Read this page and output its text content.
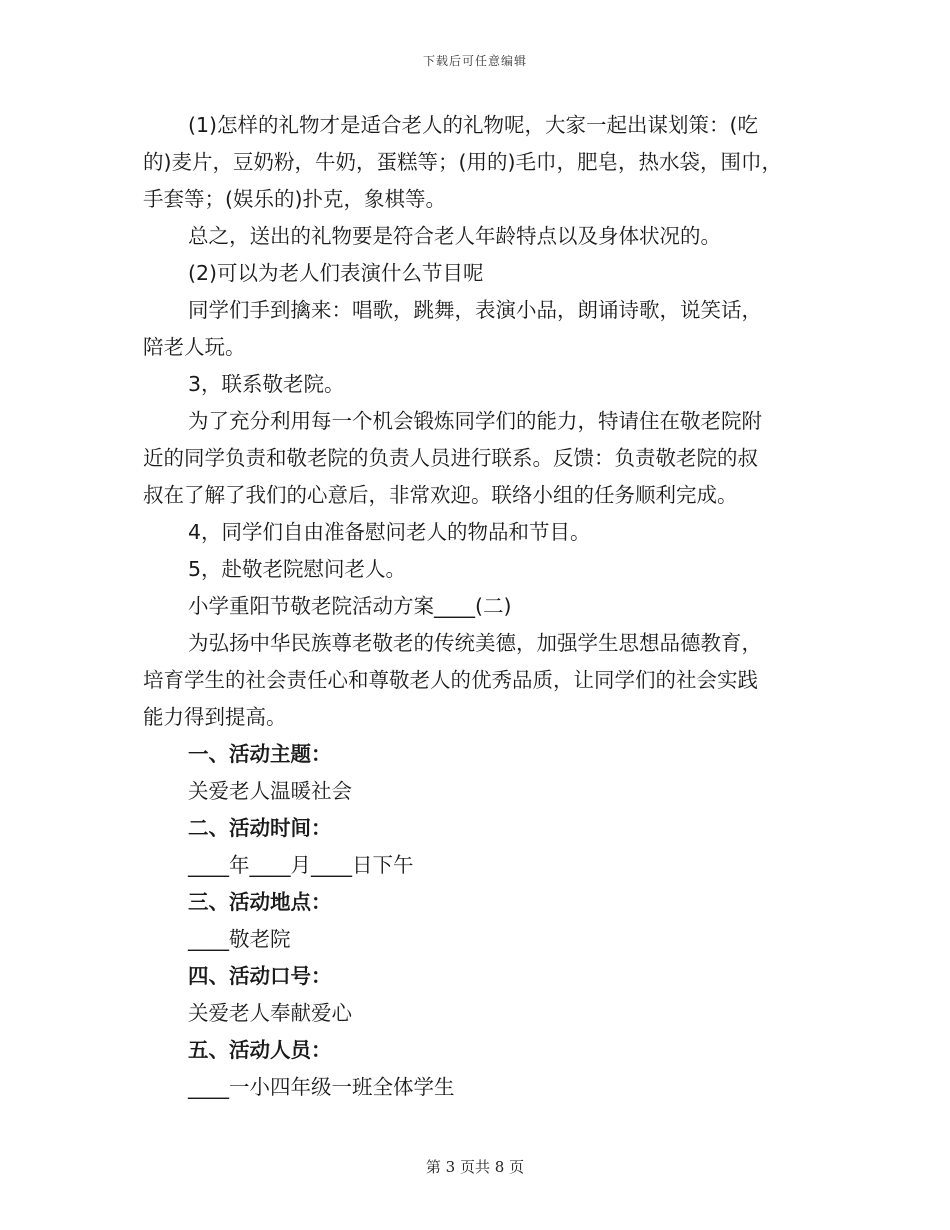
下载后可任意编辑

(1)怎样的礼物才是适合老人的礼物呢，大家一起出谋划策：(吃

的)麦片，豆奶粉，牛奶，蛋糕等；(用的)毛巾，肥皂，热水袋，围巾，

手套等；(娱乐的)扑克，象棋等。

总之，送出的礼物要是符合老人年龄特点以及身体状况的。

(2)可以为老人们表演什么节目呢

同学们手到擒来：唱歌，跳舞，表演小品，朗诵诗歌，说笑话，

陪老人玩。

3，联系敬老院。

为了充分利用每一个机会锻炼同学们的能力，特请住在敬老院附

近的同学负责和敬老院的负责人员进行联系。反馈：负责敬老院的叔

叔在了解了我们的心意后，非常欢迎。联络小组的任务顺利完成。

4，同学们自由准备慰问老人的物品和节目。

5，赴敬老院慰问老人。

小学重阳节敬老院活动方案____(二)

为弘扬中华民族尊老敬老的传统美德，加强学生思想品德教育，

培育学生的社会责任心和尊敬老人的优秀品质，让同学们的社会实践

能力得到提高。

一、活动主题：

关爱老人温暖社会

二、活动时间：

____年____月____日下午

三、活动地点：

____敬老院

四、活动口号：

关爱老人奉献爱心

五、活动人员：

____一小四年级一班全体学生

第 3 页共 8 页
